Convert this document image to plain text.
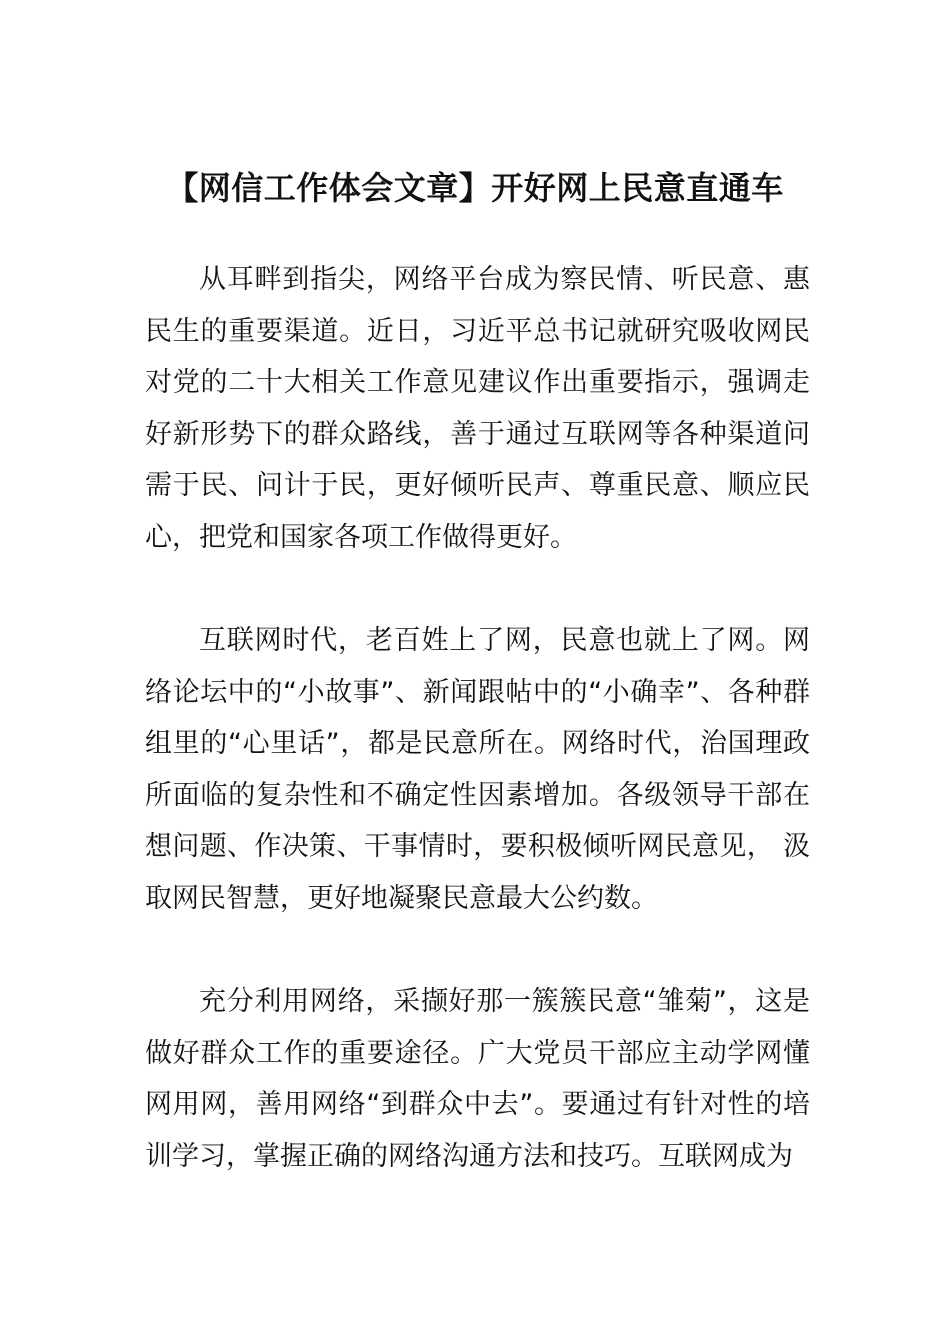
【网信工作体会文章】开好网上民意直通车

从耳畔到指尖，网络平台成为察民情、听民意、惠民生的重要渠道。近日，习近平总书记就研究吸收网民对党的二十大相关工作意见建议作出重要指示，强调走好新形势下的群众路线，善于通过互联网等各种渠道问需于民、问计于民，更好倾听民声、尊重民意、顺应民心，把党和国家各项工作做得更好。

互联网时代，老百姓上了网，民意也就上了网。网络论坛中的“小故事”、新闻跟帖中的“小确幸”、各种群组里的“心里话”，都是民意所在。网络时代，治国理政所面临的复杂性和不确定性因素增加。各级领导干部在想问题、作决策、干事情时，要积极倾听网民意见， 汲取网民智慧，更好地凝聚民意最大公约数。

充分利用网络，采撷好那一簇簇民意“雏菊”，这是做好群众工作的重要途径。广大党员干部应主动学网懂网用网，善用网络“到群众中去”。要通过有针对性的培训学习，掌握正确的网络沟通方法和技巧。互联网成为
